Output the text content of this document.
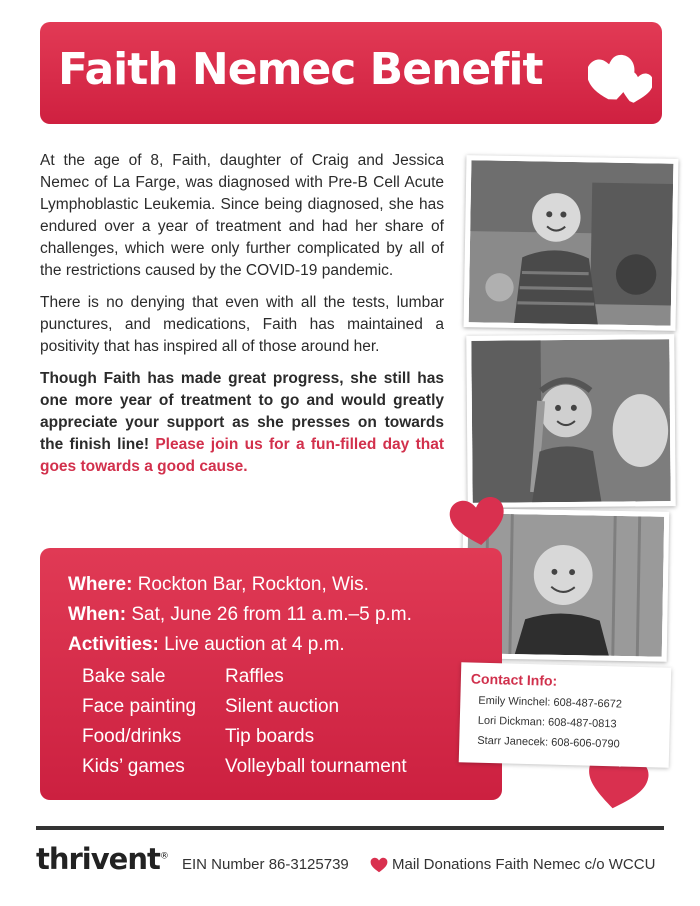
Faith Nemec Benefit

At the age of 8, Faith, daughter of Craig and Jessica Nemec of La Farge, was diagnosed with Pre-B Cell Acute Lymphoblastic Leukemia. Since being diagnosed, she has endured over a year of treatment and had her share of challenges, which were only further complicated by all of the restrictions caused by the COVID-19 pandemic.

There is no denying that even with all the tests, lumbar punctures, and medications, Faith has maintained a positivity that has inspired all of those around her.

Though Faith has made great progress, she still has one more year of treatment to go and would greatly appreciate your support as she presses on towards the finish line! Please join us for a fun-filled day that goes towards a good cause.

Where: Rockton Bar, Rockton, Wis.
When: Sat, June 26 from 11 a.m.–5 p.m.
Activities: Live auction at 4 p.m.
Bake sale
Face painting
Food/drinks
Kids’ games
Raffles
Silent auction
Tip boards
Volleyball tournament
Contact Info:
Emily Winchel: 608-487-6672
Lori Dickman: 608-487-0813
Starr Janecek: 608-606-0790
thrivent® EIN Number 86-3125739	Mail Donations Faith Nemec c/o WCCU
